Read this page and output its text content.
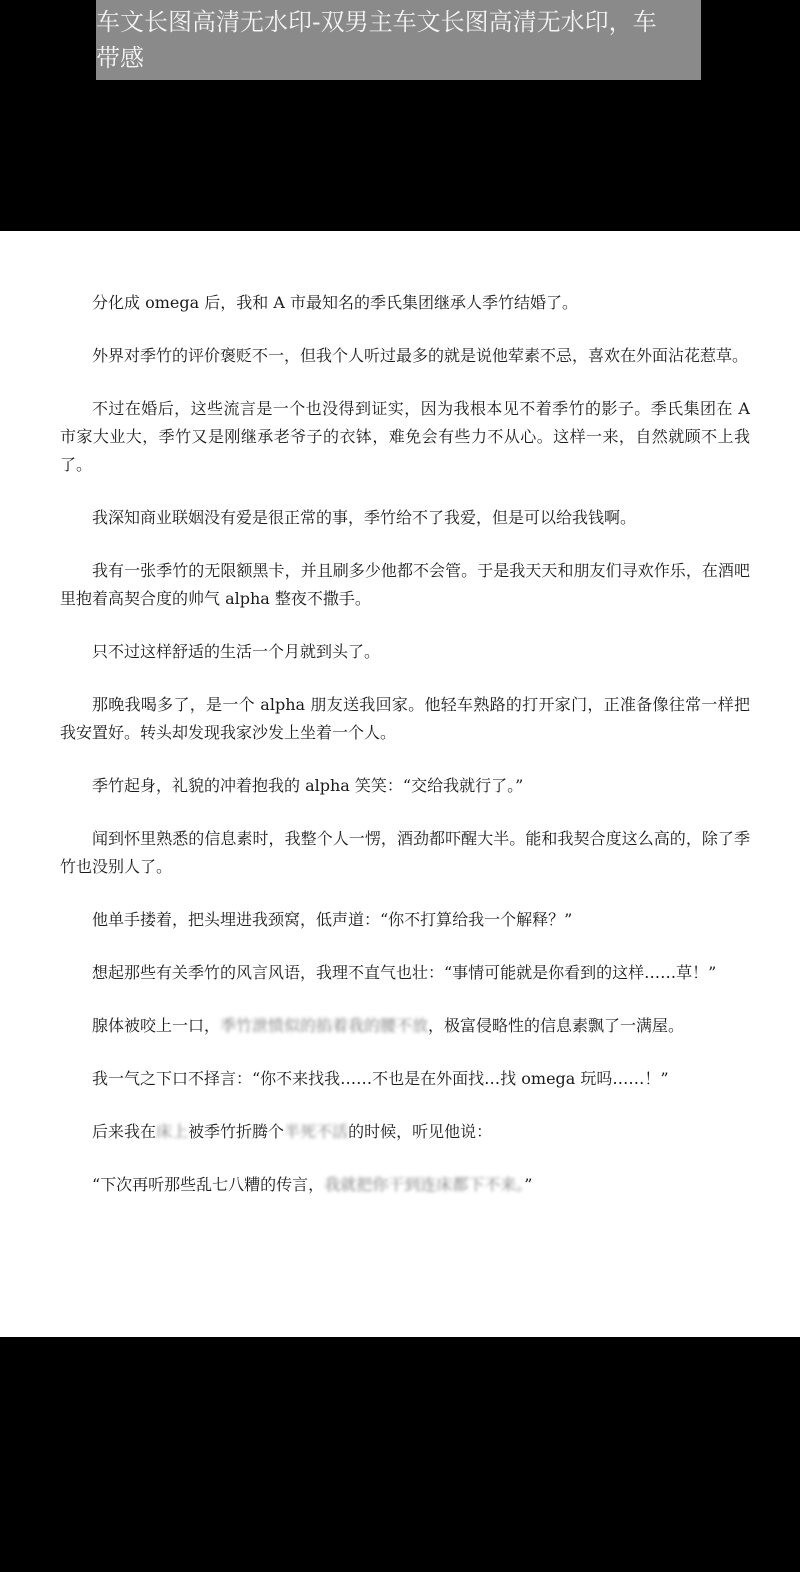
车文长图高清无水印-双男主车文长图高清无水印，车
带感

分化成 omega 后，我和 A 市最知名的季氏集团继承人季竹结婚了。

外界对季竹的评价褒贬不一，但我个人听过最多的就是说他荤素不忌，喜欢在外面沾花惹草。

不过在婚后，这些流言是一个也没得到证实，因为我根本见不着季竹的影子。季氏集团在 A 市家大业大，季竹又是刚继承老爷子的衣钵，难免会有些力不从心。这样一来，自然就顾不上我了。

我深知商业联姻没有爱是很正常的事，季竹给不了我爱，但是可以给我钱啊。

我有一张季竹的无限额黑卡，并且刷多少他都不会管。于是我天天和朋友们寻欢作乐，在酒吧里抱着高契合度的帅气 alpha 整夜不撒手。

只不过这样舒适的生活一个月就到头了。

那晚我喝多了，是一个 alpha 朋友送我回家。他轻车熟路的打开家门，正准备像往常一样把我安置好。转头却发现我家沙发上坐着一个人。

季竹起身，礼貌的冲着抱我的 alpha 笑笑：“交给我就行了。”

闻到怀里熟悉的信息素时，我整个人一愣，酒劲都吓醒大半。能和我契合度这么高的，除了季竹也没别人了。

他单手搂着，把头埋进我颈窝，低声道：“你不打算给我一个解释？”

想起那些有关季竹的风言风语，我理不直气也壮：“事情可能就是你看到的这样……草！”

腺体被咬上一口，季竹泄愤似的掐着我的腰不放，极富侵略性的信息素飘了一满屋。

我一气之下口不择言：“你不来找我……不也是在外面找…找 omega 玩吗……！”

后来我在床上被季竹折腾个半死不活的时候，听见他说：

“下次再听那些乱七八糟的传言，我就把你干到连床都下不来。”
